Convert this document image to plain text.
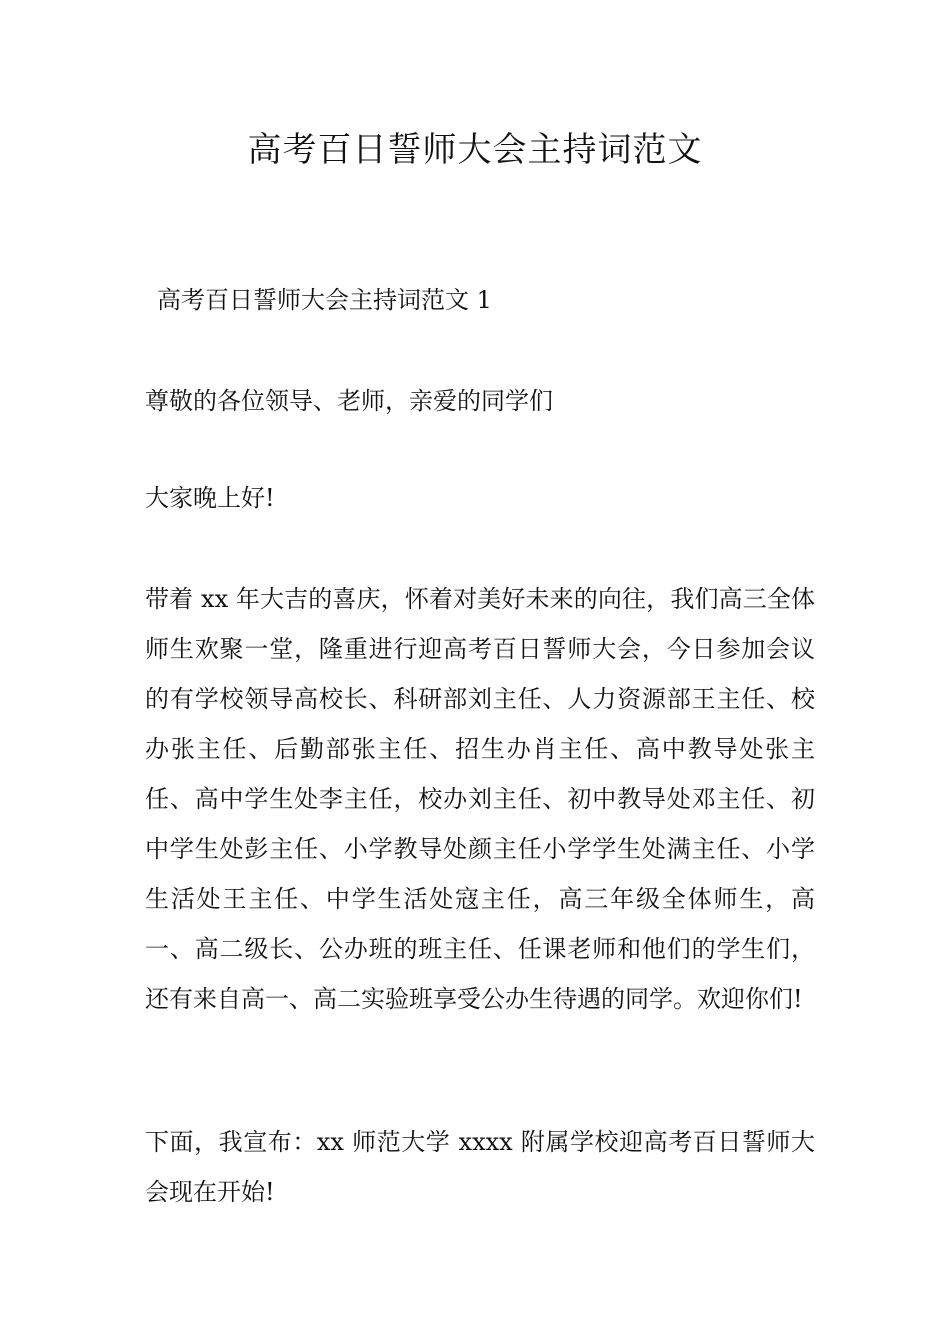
高考百日誓师大会主持词范文
高考百日誓师大会主持词范文 1

尊敬的各位领导、老师，亲爱的同学们

大家晚上好!

带着 xx 年大吉的喜庆，怀着对美好未来的向往，我们高三全体师生欢聚一堂，隆重进行迎高考百日誓师大会，今日参加会议的有学校领导高校长、科研部刘主任、人力资源部王主任、校办张主任、后勤部张主任、招生办肖主任、高中教导处张主任、高中学生处李主任，校办刘主任、初中教导处邓主任、初中学生处彭主任、小学教导处颜主任小学学生处满主任、小学生活处王主任、中学生活处寇主任，高三年级全体师生，高一、高二级长、公办班的班主任、任课老师和他们的学生们，还有来自高一、高二实验班享受公办生待遇的同学。欢迎你们!

下面，我宣布：xx 师范大学 xxxx 附属学校迎高考百日誓师大会现在开始!
